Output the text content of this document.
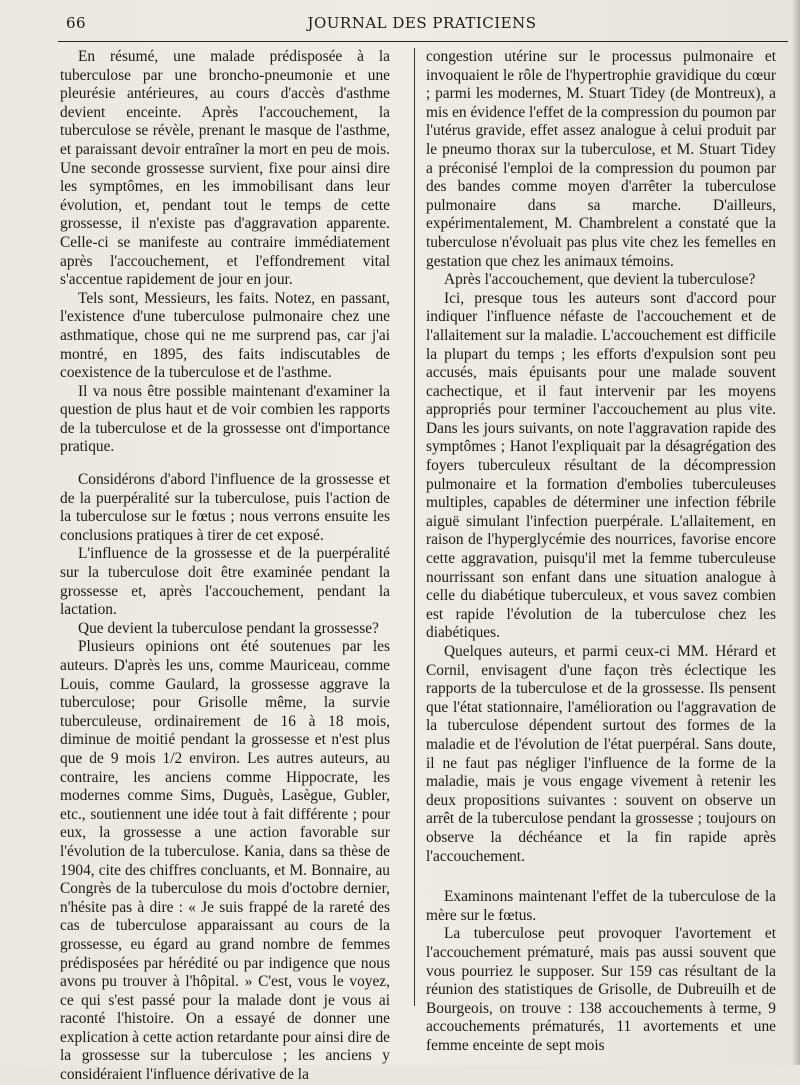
66	JOURNAL DES PRATICIENS

En résumé, une malade prédisposée à la tuberculose par une broncho-pneumonie et une pleurésie antérieures, au cours d'accès d'asthme devient enceinte. Après l'accouchement, la tuberculose se révèle, prenant le masque de l'asthme, et paraissant devoir entraîner la mort en peu de mois. Une seconde grossesse survient, fixe pour ainsi dire les symptômes, en les immobilisant dans leur évolution, et, pendant tout le temps de cette grossesse, il n'existe pas d'aggravation apparente. Celle-ci se manifeste au contraire immédiatement après l'accouchement, et l'effondrement vital s'accentue rapidement de jour en jour.

Tels sont, Messieurs, les faits. Notez, en passant, l'existence d'une tuberculose pulmonaire chez une asthmatique, chose qui ne me surprend pas, car j'ai montré, en 1895, des faits indiscutables de coexistence de la tuberculose et de l'asthme.

Il va nous être possible maintenant d'examiner la question de plus haut et de voir combien les rapports de la tuberculose et de la grossesse ont d'importance pratique.

Considérons d'abord l'influence de la grossesse et de la puerpéralité sur la tuberculose, puis l'action de la tuberculose sur le fœtus ; nous verrons ensuite les conclusions pratiques à tirer de cet exposé.

L'influence de la grossesse et de la puerpéralité sur la tuberculose doit être examinée pendant la grossesse et, après l'accouchement, pendant la lactation.

Que devient la tuberculose pendant la grossesse?

Plusieurs opinions ont été soutenues par les auteurs. D'après les uns, comme Mauriceau, comme Louis, comme Gaulard, la grossesse aggrave la tuberculose; pour Grisolle même, la survie tuberculeuse, ordinairement de 16 à 18 mois, diminue de moitié pendant la grossesse et n'est plus que de 9 mois 1/2 environ. Les autres auteurs, au contraire, les anciens comme Hippocrate, les modernes comme Sims, Duguès, Lasègue, Gubler, etc., soutiennent une idée tout à fait différente ; pour eux, la grossesse a une action favorable sur l'évolution de la tuberculose. Kania, dans sa thèse de 1904, cite des chiffres concluants, et M. Bonnaire, au Congrès de la tuberculose du mois d'octobre dernier, n'hésite pas à dire : « Je suis frappé de la rareté des cas de tuberculose apparaissant au cours de la grossesse, eu égard au grand nombre de femmes prédisposées par hérédité ou par indigence que nous avons pu trouver à l'hôpital. » C'est, vous le voyez, ce qui s'est passé pour la malade dont je vous ai raconté l'histoire. On a essayé de donner une explication à cette action retardante pour ainsi dire de la grossesse sur la tuberculose ; les anciens y considéraient l'influence dérivative de la

congestion utérine sur le processus pulmonaire et invoquaient le rôle de l'hypertrophie gravidique du cœur ; parmi les modernes, M. Stuart Tidey (de Montreux), a mis en évidence l'effet de la compression du poumon par l'utérus gravide, effet assez analogue à celui produit par le pneumo thorax sur la tuberculose, et M. Stuart Tidey a préconisé l'emploi de la compression du poumon par des bandes comme moyen d'arrêter la tuberculose pulmonaire dans sa marche. D'ailleurs, expérimentalement, M. Chambrelent a constaté que la tuberculose n'évoluait pas plus vite chez les femelles en gestation que chez les animaux témoins.

Après l'accouchement, que devient la tuberculose?

Ici, presque tous les auteurs sont d'accord pour indiquer l'influence néfaste de l'accouchement et de l'allaitement sur la maladie. L'accouchement est difficile la plupart du temps ; les efforts d'expulsion sont peu accusés, mais épuisants pour une malade souvent cachectique, et il faut intervenir par les moyens appropriés pour terminer l'accouchement au plus vite. Dans les jours suivants, on note l'aggravation rapide des symptômes ; Hanot l'expliquait par la désagrégation des foyers tuberculeux résultant de la décompression pulmonaire et la formation d'embolies tuberculeuses multiples, capables de déterminer une infection fébrile aiguë simulant l'infection puerpérale. L'allaitement, en raison de l'hyperglycémie des nourrices, favorise encore cette aggravation, puisqu'il met la femme tuberculeuse nourrissant son enfant dans une situation analogue à celle du diabétique tuberculeux, et vous savez combien est rapide l'évolution de la tuberculose chez les diabétiques.

Quelques auteurs, et parmi ceux-ci MM. Hérard et Cornil, envisagent d'une façon très éclectique les rapports de la tuberculose et de la grossesse. Ils pensent que l'état stationnaire, l'amélioration ou l'aggravation de la tuberculose dépendent surtout des formes de la maladie et de l'évolution de l'état puerpéral. Sans doute, il ne faut pas négliger l'influence de la forme de la maladie, mais je vous engage vivement à retenir les deux propositions suivantes : souvent on observe un arrêt de la tuberculose pendant la grossesse ; toujours on observe la déchéance et la fin rapide après l'accouchement.

Examinons maintenant l'effet de la tuberculose de la mère sur le fœtus.

La tuberculose peut provoquer l'avortement et l'accouchement prématuré, mais pas aussi souvent que vous pourriez le supposer. Sur 159 cas résultant de la réunion des statistiques de Grisolle, de Dubreuilh et de Bourgeois, on trouve : 138 accouchements à terme, 9 accouchements prématurés, 11 avortements et une femme enceinte de sept mois
